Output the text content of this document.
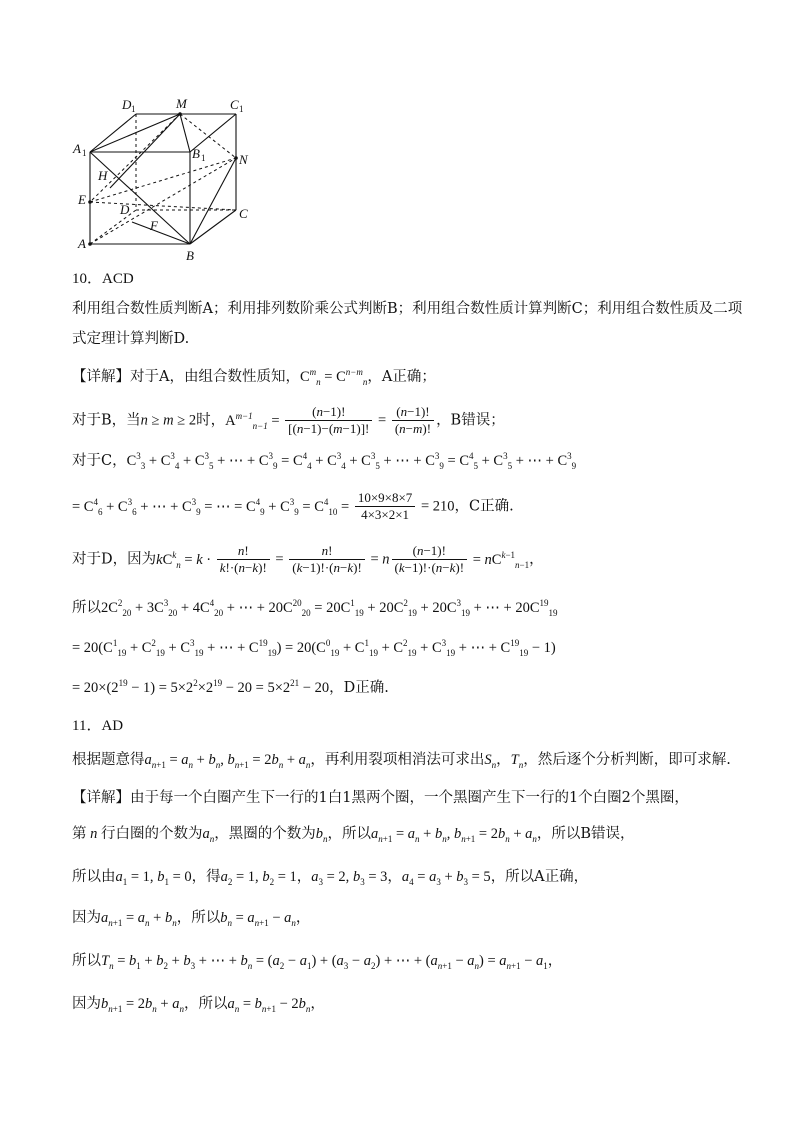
D 1	M	C 1
A 1	B 1	N
H
D	C
E
F
A
B
10．ACD
利用组合数性质判断A；利用排列数阶乘公式判断B；利用组合数性质计算判断C；利用组合数性质及二项
式定理计算判断D.
【详解】对于A，由组合数性质知，$C^m_n = C^{n-m}_n$，A正确；
对于B，当n ≥ m ≥ 2时，$A^{m-1}_{n-1} = \frac{(n-1)!}{[(n-1)-(m-1)]!} = \frac{(n-1)!}{(n-m)!}$ ，B错误；
对于C，$C^3_3 + C^3_4 + C^3_5$ + ⋯ + $C^3_9 = C^4_4 + C^3_4 + C^3_5$ + ⋯ + $C^3_9 = C^4_5 + C^3_5$ + ⋯ + $C^3_9$
= $C^4_6 + C^3_6$ + ⋯ + $C^3_9$ = ⋯ = $C^4_9 + C^3_9 = C^4_{10} = \frac{10\times 9\times 8\times 7}{4\times 3\times 2\times 1} = 210$，C正确.
对于D，因为$kC^k_n = k \cdot \frac{n!}{k!\cdot(n-k)!} = \frac{n!}{(k-1)!\cdot(n-k)!} = n \frac{(n-1)!}{(k-1)!\cdot(n-k)!} = nC^{k-1}_{n-1}$，
所以$2C^2_{20} + 3C^3_{20} + 4C^4_{20}$ + ⋯ + $20C^{20}_{20} = 20C^1_{19} + 20C^2_{19} + 20C^3_{19}$ + ⋯ + $20C^{19}_{19}$
= $20(C^1_{19} + C^2_{19} + C^3_{19}$ + ⋯ + $C^{19}_{19}) = 20(C^0_{19} + C^1_{19} + C^2_{19} + C^3_{19}$ + ⋯ + $C^{19}_{19} - 1$)
= $20\times(2^{19} - 1) = 5\times 2^2\times 2^{19} - 20 = 5\times 2^{21} - 20$，D正确.
11．AD
根据题意得$a_{n+1} = a_n + b_n$, $b_{n+1} = 2b_n + a_n$，再利用裂项相消法可求出$S_n$，$T_n$，然后逐个分析判断，即可求解.
【详解】由于每一个白圈产生下一行的1白1黑两个圈，一个黑圈产生下一行的1个白圈2个黑圈，
第 n 行白圈的个数为$a_n$，黑圈的个数为$b_n$，所以$a_{n+1} = a_n + b_n$, $b_{n+1} = 2b_n + a_n$，所以B错误，
所以由$a_1 = 1$, $b_1 = 0$，得$a_2 = 1$, $b_2 = 1$，$a_3 = 2$, $b_3 = 3$，$a_4 = a_3 + b_3 = 5$，所以A正确，
因为$a_{n+1} = a_n + b_n$，所以$b_n = a_{n+1} - a_n$，
所以$T_n = b_1 + b_2 + b_3$ + ⋯ + $b_n = (a_2 - a_1) + (a_3 - a_2)$ + ⋯ + $(a_{n+1} - a_n) = a_{n+1} - a_1$，
因为$b_{n+1} = 2b_n + a_n$，所以$a_n = b_{n+1} - 2b_n$，
